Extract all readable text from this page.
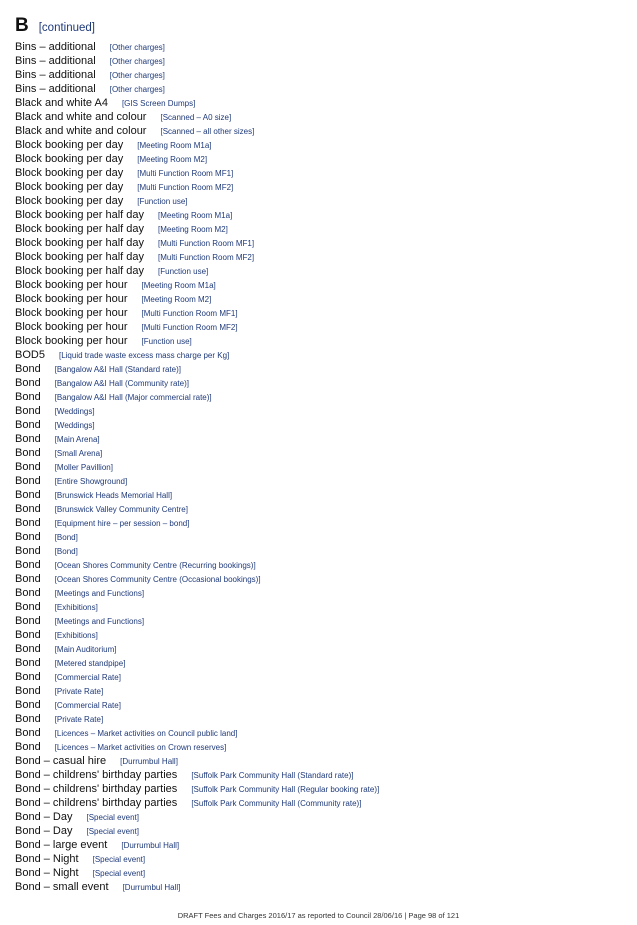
B [continued]
Bins – additional [Other charges]
Bins – additional [Other charges]
Bins – additional [Other charges]
Bins – additional [Other charges]
Black and white A4 [GIS Screen Dumps]
Black and white and colour [Scanned – A0 size]
Black and white and colour [Scanned – all other sizes]
Block booking per day [Meeting Room M1a]
Block booking per day [Meeting Room M2]
Block booking per day [Multi Function Room MF1]
Block booking per day [Multi Function Room MF2]
Block booking per day [Function use]
Block booking per half day [Meeting Room M1a]
Block booking per half day [Meeting Room M2]
Block booking per half day [Multi Function Room MF1]
Block booking per half day [Multi Function Room MF2]
Block booking per half day [Function use]
Block booking per hour [Meeting Room M1a]
Block booking per hour [Meeting Room M2]
Block booking per hour [Multi Function Room MF1]
Block booking per hour [Multi Function Room MF2]
Block booking per hour [Function use]
BOD5 [Liquid trade waste excess mass charge per Kg]
Bond [Bangalow A&I Hall (Standard rate)]
Bond [Bangalow A&I Hall (Community rate)]
Bond [Bangalow A&I Hall (Major commercial rate)]
Bond [Weddings]
Bond [Weddings]
Bond [Main Arena]
Bond [Small Arena]
Bond [Moller Pavillion]
Bond [Entire Showground]
Bond [Brunswick Heads Memorial Hall]
Bond [Brunswick Valley Community Centre]
Bond [Equipment hire – per session – bond]
Bond [Bond]
Bond [Bond]
Bond [Ocean Shores Community Centre (Recurring bookings)]
Bond [Ocean Shores Community Centre (Occasional bookings)]
Bond [Meetings and Functions]
Bond [Exhibitions]
Bond [Meetings and Functions]
Bond [Exhibitions]
Bond [Main Auditorium]
Bond [Metered standpipe]
Bond [Commercial Rate]
Bond [Private Rate]
Bond [Commercial Rate]
Bond [Private Rate]
Bond [Licences – Market activities on Council public land]
Bond [Licences – Market activities on Crown reserves]
Bond – casual hire [Durrumbul Hall]
Bond – childrens' birthday parties [Suffolk Park Community Hall (Standard rate)]
Bond – childrens' birthday parties [Suffolk Park Community Hall (Regular booking rate)]
Bond – childrens' birthday parties [Suffolk Park Community Hall (Community rate)]
Bond – Day [Special event]
Bond – Day [Special event]
Bond – large event [Durrumbul Hall]
Bond – Night [Special event]
Bond – Night [Special event]
Bond – small event [Durrumbul Hall]
DRAFT Fees and Charges 2016/17 as reported to Council 28/06/16 | Page 98 of 121
